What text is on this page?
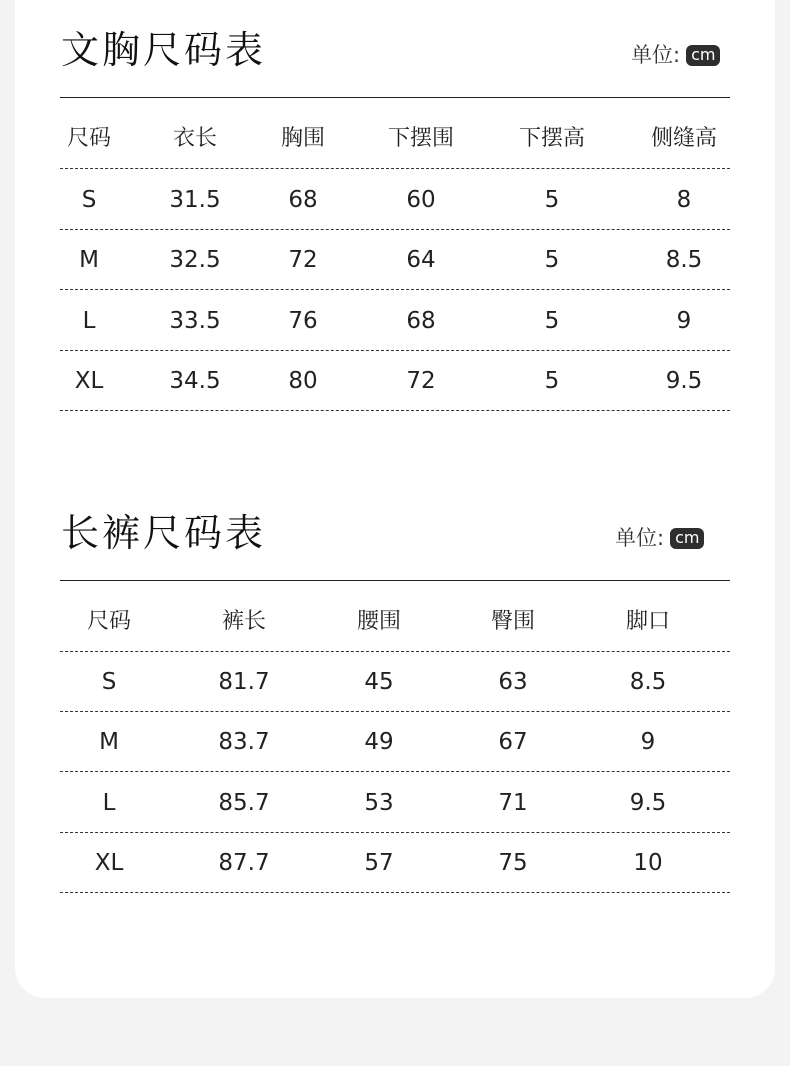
文胸尺码表	单位: cm
尺码	衣长	胸围	下摆围	下摆高	侧缝高
S	31.5	68	60	5	8
M	32.5	72	64	5	8.5
L	33.5	76	68	5	9
XL	34.5	80	72	5	9.5
长裤尺码表	单位: cm
尺码	裤长	腰围	臀围	脚口
S	81.7	45	63	8.5
M	83.7	49	67	9
L	85.7	53	71	9.5
XL	87.7	57	75	10
